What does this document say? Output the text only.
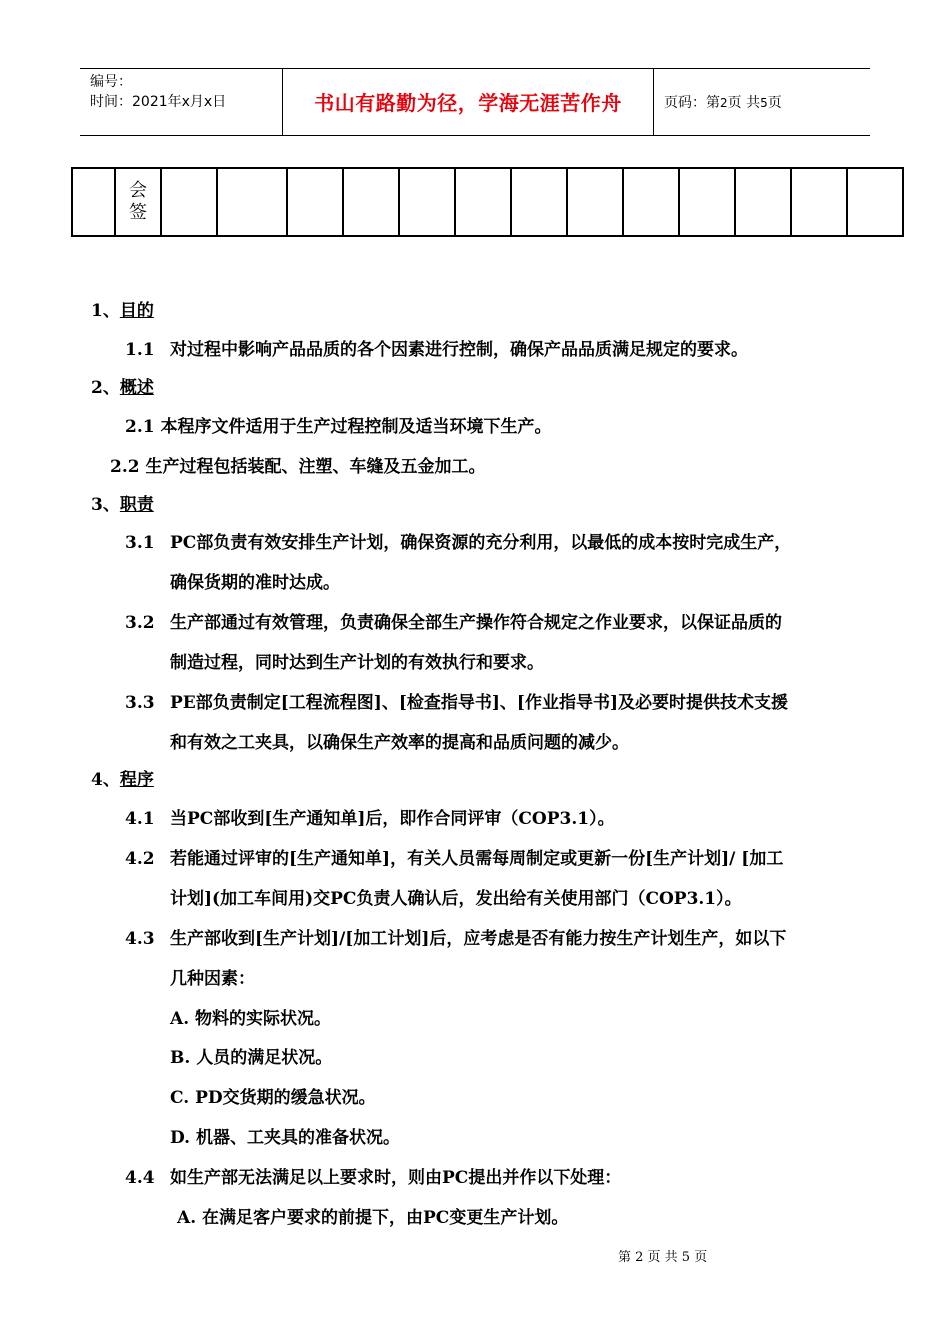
编号：
时间：2021年x月x日	书山有路勤为径，学海无涯苦作舟	页码：第2页 共5页

会
签

1、目的
1.1 对过程中影响产品品质的各个因素进行控制，确保产品品质满足规定的要求。
2、概述
2.1 本程序文件适用于生产过程控制及适当环境下生产。
2.2 生产过程包括装配、注塑、车缝及五金加工。
3、职责
3.1 PC部负责有效安排生产计划，确保资源的充分利用，以最低的成本按时完成生产，
确保货期的准时达成。
3.2 生产部通过有效管理，负责确保全部生产操作符合规定之作业要求，以保证品质的
制造过程，同时达到生产计划的有效执行和要求。
3.3 PE部负责制定[工程流程图]、[检查指导书]、[作业指导书]及必要时提供技术支援
和有效之工夹具，以确保生产效率的提高和品质问题的减少。
4、程序
4.1 当PC部收到[生产通知单]后，即作合同评审（COP3.1）。
4.2 若能通过评审的[生产通知单]，有关人员需每周制定或更新一份[生产计划]/ [加工
计划](加工车间用)交PC负责人确认后，发出给有关使用部门（COP3.1）。
4.3 生产部收到[生产计划]/[加工计划]后，应考虑是否有能力按生产计划生产，如以下
几种因素：
A. 物料的实际状况。
B. 人员的满足状况。
C. PD交货期的缓急状况。
D. 机器、工夹具的准备状况。
4.4 如生产部无法满足以上要求时，则由PC提出并作以下处理：
A. 在满足客户要求的前提下，由PC变更生产计划。
第 2 页 共 5 页
